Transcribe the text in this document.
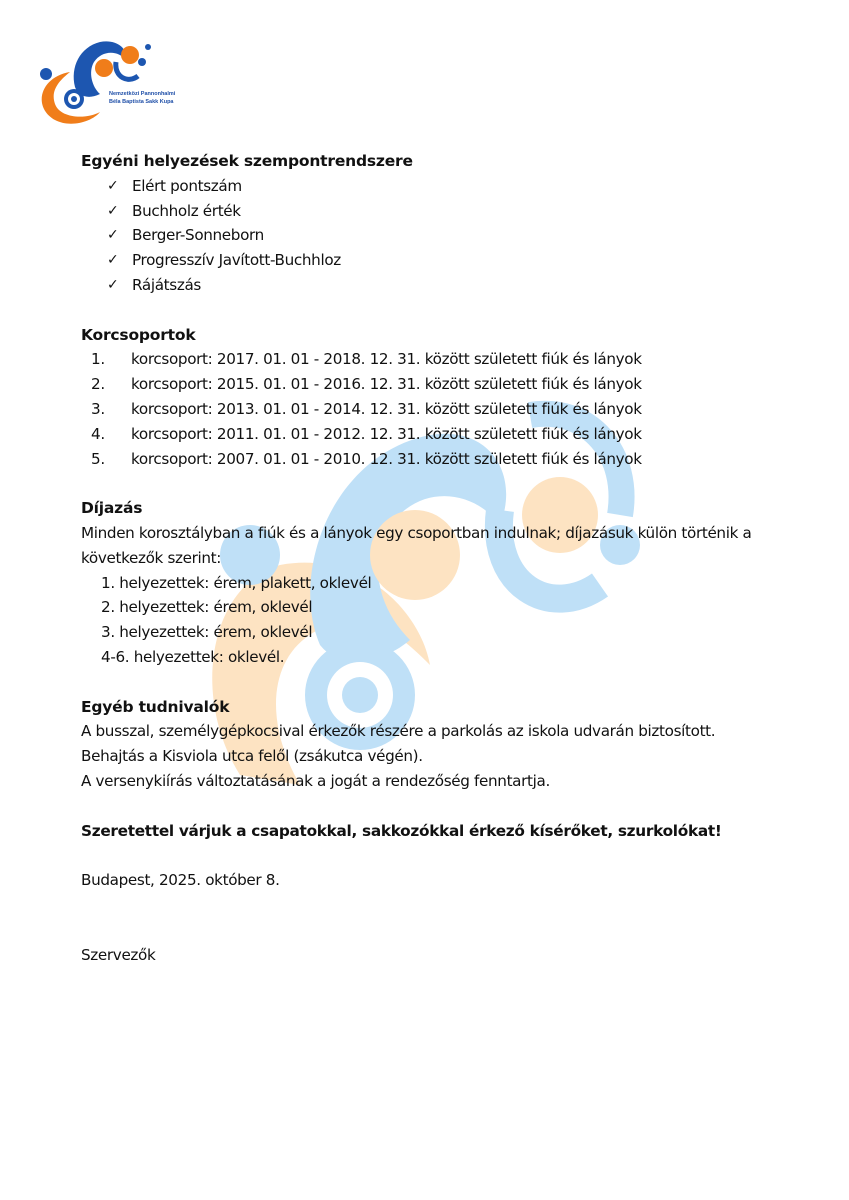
Nemzetközi Pannonhalmi
Béla Baptista Sakk Kupa
Egyéni helyezések szempontrendszere
✓ Elért pontszám
✓ Buchholz érték
✓ Berger-Sonneborn
✓ Progresszív Javított-Buchhloz
✓ Rájátszás
Korcsoportok
1.	korcsoport: 2017. 01. 01 - 2018. 12. 31. között született fiúk és lányok
2.	korcsoport: 2015. 01. 01 - 2016. 12. 31. között született fiúk és lányok
3.	korcsoport: 2013. 01. 01 - 2014. 12. 31. között született fiúk és lányok
4.	korcsoport: 2011. 01. 01 - 2012. 12. 31. között született fiúk és lányok
5.	korcsoport: 2007. 01. 01 - 2010. 12. 31. között született fiúk és lányok
Díjazás

Minden korosztályban a fiúk és a lányok egy csoportban indulnak; díjazásuk külön történik a következők szerint:

1. helyezettek: érem, plakett, oklevél
2. helyezettek: érem, oklevél
3. helyezettek: érem, oklevél
4-6. helyezettek: oklevél.
Egyéb tudnivalók

A busszal, személygépkocsival érkezők részére a parkolás az iskola udvarán biztosított.

Behajtás a Kisviola utca felől (zsákutca végén).

A versenykiírás változtatásának a jogát a rendezőség fenntartja.

Szeretettel várjuk a csapatokkal, sakkozókkal érkező kísérőket, szurkolókat!

Budapest, 2025. október 8.

Szervezők
